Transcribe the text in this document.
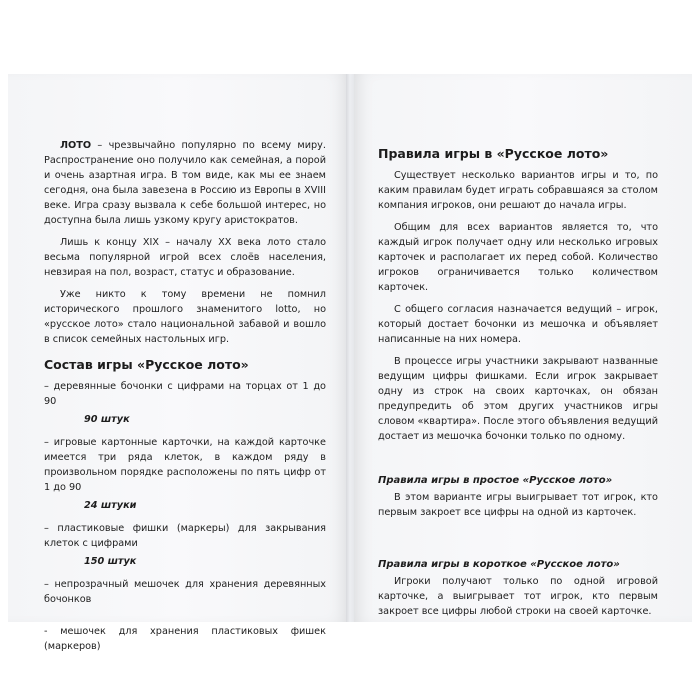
ЛОТО – чрезвычайно популярно по всему миру. Распространение оно получило как семейная, а порой и очень азартная игра. В том виде, как мы ее знаем сегодня, она была завезена в Россию из Европы в XVIII веке. Игра сразу вызвала к себе большой интерес, но доступна была лишь узкому кругу аристократов.

Лишь к концу XIX – началу XX века лото стало весьма популярной игрой всех слоёв населения, невзирая на пол, возраст, статус и образование.

Уже никто к тому времени не помнил исторического прошлого знаменитого lotto, но «русское лото» стало национальной забавой и вошло в список семейных настольных игр.

Состав игры «Русское лото»

– деревянные бочонки с цифрами на торцах от 1 до 90

90 штук

– игровые картонные карточки, на каждой карточке имеется три ряда клеток, в каждом ряду в произвольном порядке расположены по пять цифр от 1 до 90

24 штуки

– пластиковые фишки (маркеры) для закрывания клеток с цифрами

150 штук

– непрозрачный мешочек для хранения деревянных бочонков

- мешочек для хранения пластиковых фишек (маркеров)

Правила игры в «Русское лото»

Существует несколько вариантов игры и то, по каким правилам будет играть собравшаяся за столом компания игроков, они решают до начала игры.

Общим для всех вариантов является то, что каждый игрок получает одну или несколько игровых карточек и располагает их перед собой. Количество игроков ограничивается только количеством карточек.

С общего согласия назначается ведущий – игрок, который достает бочонки из мешочка и объявляет написанные на них номера.

В процессе игры участники закрывают названные ведущим цифры фишками. Если игрок закрывает одну из строк на своих карточках, он обязан предупредить об этом других участников игры словом «квартира». После этого объявления ведущий достает из мешочка бочонки только по одному.

Правила игры в простое «Русское лото»

В этом варианте игры выигрывает тот игрок, кто первым закроет все цифры на одной из карточек.

Правила игры в короткое «Русское лото»

Игроки получают только по одной игровой карточке, а выигрывает тот игрок, кто первым закроет все цифры любой строки на своей карточке.
